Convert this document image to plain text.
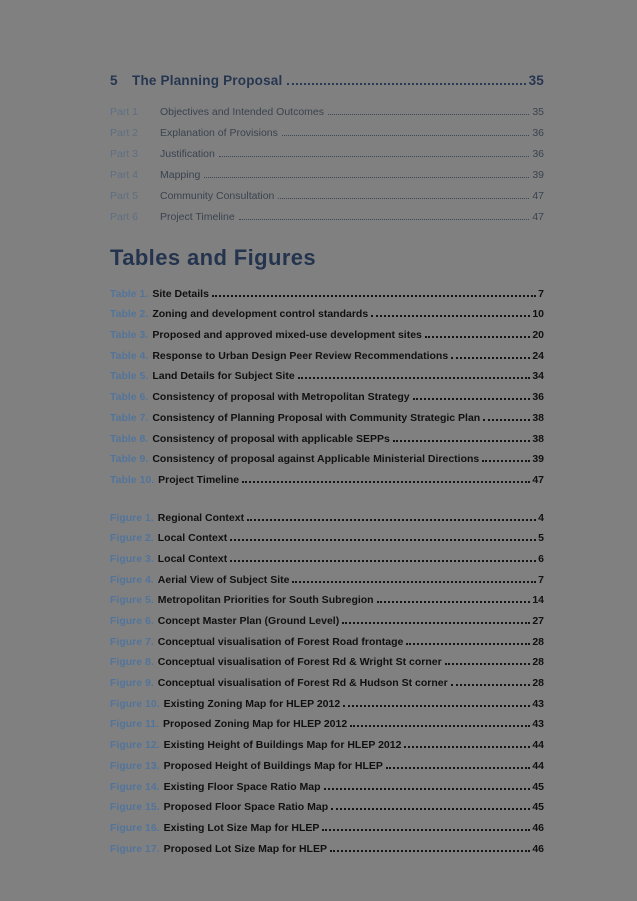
5	The Planning Proposal	35
Part 1	Objectives and Intended Outcomes	35
Part 2	Explanation of Provisions	36
Part 3	Justification	36
Part 4	Mapping	39
Part 5	Community Consultation	47
Part 6	Project Timeline	47
Tables and Figures
Table 1. Site Details	7
Table 2. Zoning and development control standards	10
Table 3. Proposed and approved mixed-use development sites	20
Table 4. Response to Urban Design Peer Review Recommendations	24
Table 5. Land Details for Subject Site	34
Table 6. Consistency of proposal with Metropolitan Strategy	36
Table 7. Consistency of Planning Proposal with Community Strategic Plan	38
Table 8. Consistency of proposal with applicable SEPPs	38
Table 9. Consistency of proposal against Applicable Ministerial Directions	39
Table 10. Project Timeline	47
Figure 1. Regional Context	4
Figure 2. Local Context	5
Figure 3. Local Context	6
Figure 4. Aerial View of Subject Site	7
Figure 5. Metropolitan Priorities for South Subregion	14
Figure 6. Concept Master Plan (Ground Level)	27
Figure 7. Conceptual visualisation of Forest Road frontage	28
Figure 8. Conceptual visualisation of Forest Rd & Wright St corner	28
Figure 9. Conceptual visualisation of Forest Rd & Hudson St corner	28
Figure 10. Existing Zoning Map for HLEP 2012	43
Figure 11. Proposed Zoning Map for HLEP 2012	43
Figure 12. Existing Height of Buildings Map for HLEP 2012	44
Figure 13. Proposed Height of Buildings Map for HLEP	44
Figure 14. Existing Floor Space Ratio Map	45
Figure 15. Proposed Floor Space Ratio Map	45
Figure 16. Existing Lot Size Map for HLEP	46
Figure 17. Proposed Lot Size Map for HLEP	46
